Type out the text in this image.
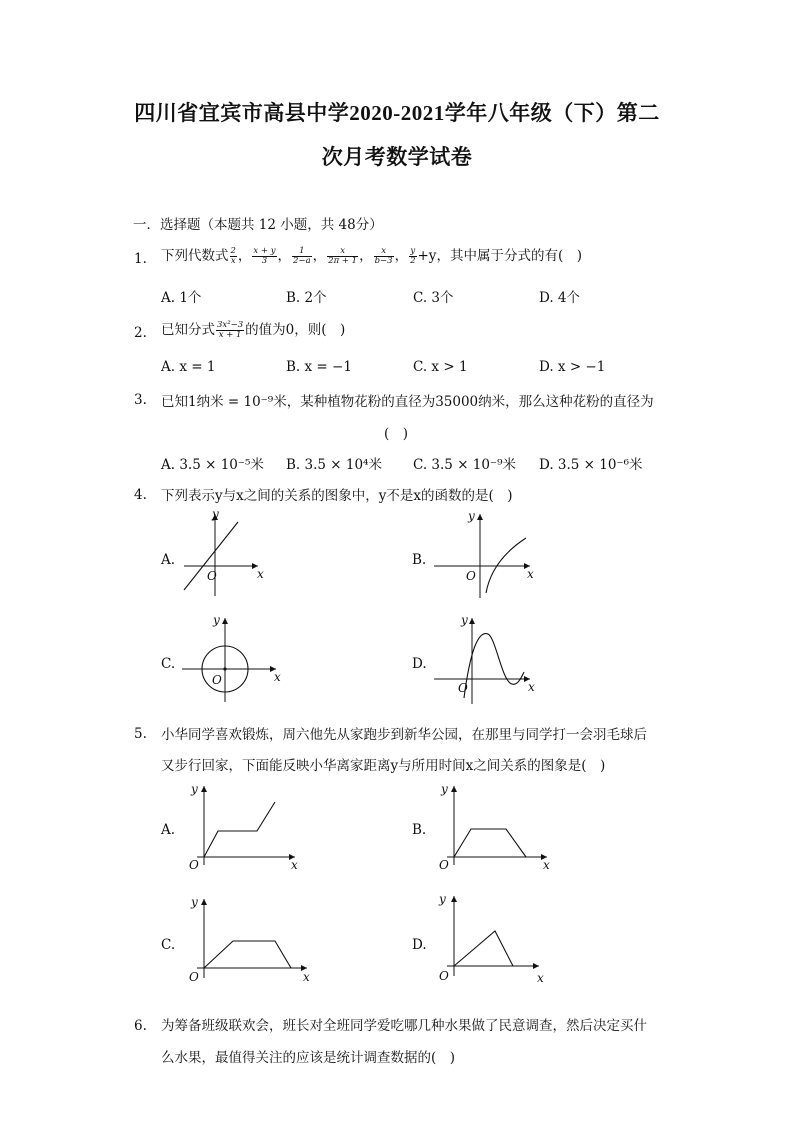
四川省宜宾市高县中学2020-2021学年八年级（下）第二
次月考数学试卷
一．选择题（本题共 12 小题，共 48分）
1. 下列代数式 $\frac{2}{x}$ ， $\frac{x + y}{3}$ ， $\frac{1}{2-a}$ ， $\frac{x}{2\pi + 1}$ ， $\frac{x}{b-3}$ ， $\frac{y}{2} +y$，其中属于分式的有(　)
A. 1个	B. 2个	C. 3个	D. 4个
2. 已知分式 $\frac{\text{3x²−3}}{x + 1}$ 的值为0，则(　)
A. x = 1	B. x = −1	C. x > 1	D. x > −1
3. 已知1纳米 = 10⁻⁹米，某种植物花粉的直径为35000纳米，那么这种花粉的直径为
(　)
A. 3.5 × 10⁻⁵米 B. 3.5 × 10⁴米 C. 3.5 × 10⁻⁹米 D. 3.5 × 10⁻⁶米
4. 下列表示y与x之间的关系的图象中，y不是x的函数的是(　)
A.
y
x
O
B.
y
x
O
C.
y
x
O
D.
y
x
O
5. 小华同学喜欢锻炼，周六他先从家跑步到新华公园，在那里与同学打一会羽毛球后
又步行回家，下面能反映小华离家距离y与所用时间x之间关系的图象是(　)
A.
y
x
O
B.
y
x
O
C.
y
x
O
D.
y
x
O
6. 为筹备班级联欢会，班长对全班同学爱吃哪几种水果做了民意调查，然后决定买什
么水果，最值得关注的应该是统计调查数据的(　)
